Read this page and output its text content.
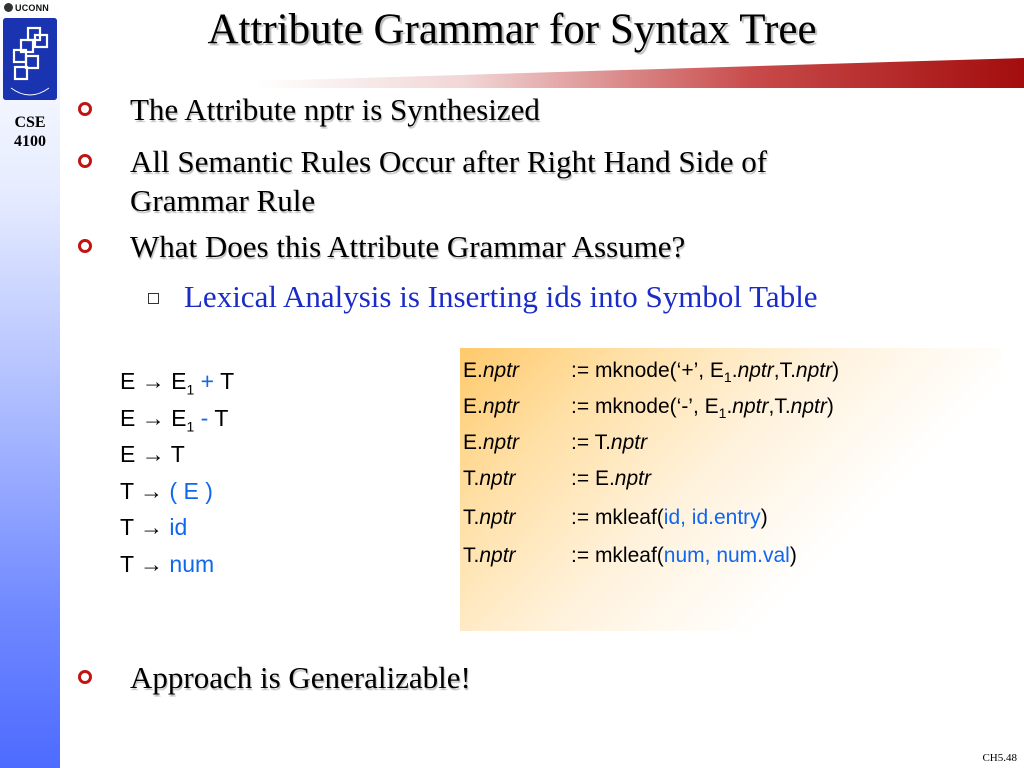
UCONN
CSE
4100
Attribute Grammar for Syntax Tree
The Attribute nptr is Synthesized
All Semantic Rules Occur after Right Hand Side of
Grammar Rule
What Does this Attribute Grammar Assume?
Lexical Analysis is Inserting ids into Symbol Table
$E \to E_1 + T$
$E \to E_1 - T$
E → T
T → ( E )
T → id
T → num
E.nptr := mknode(‘+’, $E_1.nptr,T.nptr$)
E.nptr := mknode(‘-’, $E_1.nptr,T.nptr$)
E.nptr := T.nptr
T.nptr	:= E.nptr
T.nptr	:= mkleaf(id, id.entry)
T.nptr	:= mkleaf(num, num.val)
Approach is Generalizable!
CH5.48
